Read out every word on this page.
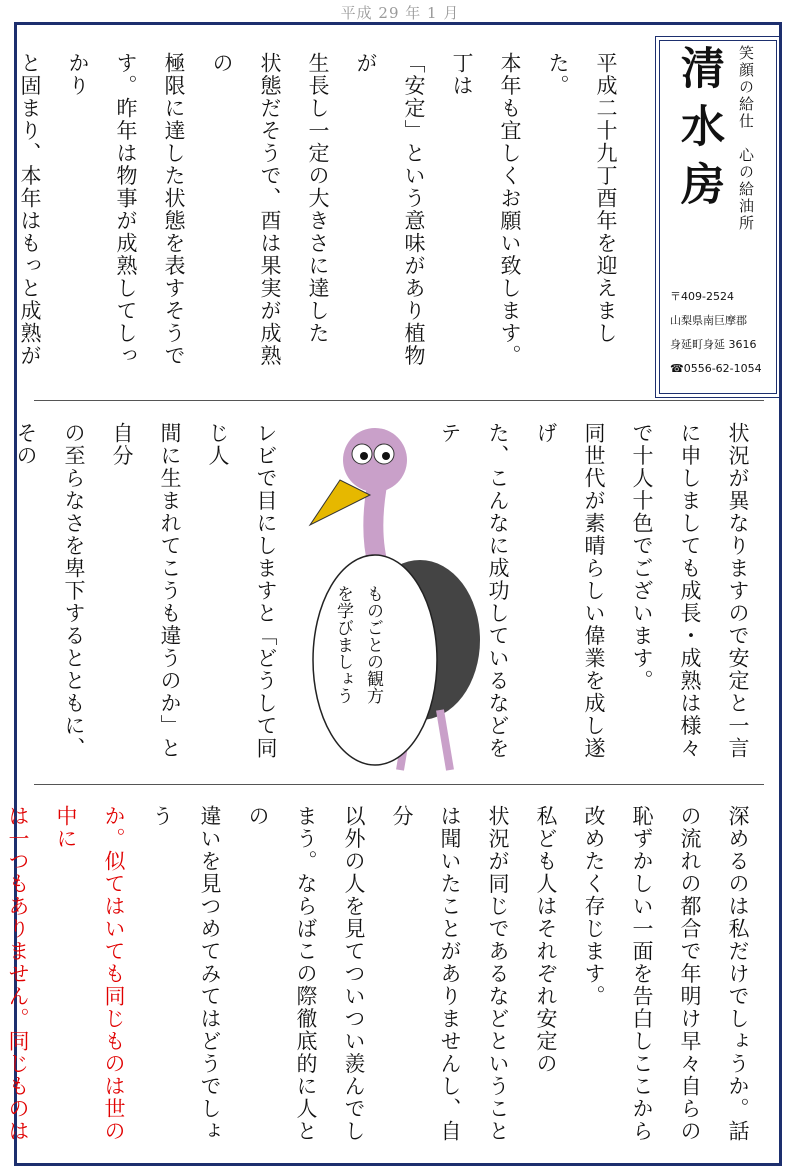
平成 29 年 1 月
清水房 笑顔の給仕　心の給油所
〒409-2524
山梨県南巨摩郡
身延町身延 3616
☎0556-62-1054
平成二十九丁酉年を迎えました。
本年も宜しくお願い致します。丁は
「安定」という意味があり植物が
生長し一定の大きさに達した
状態だそうで、酉は果実が成熟の
極限に達した状態を表すそうで
す。昨年は物事が成熟してしっかり
と固まり、本年はもっと成熟が
状況が異なりますので安定と一言
に申しましても成長・成熟は様々
で十人十色でございます。
同世代が素晴らしい偉業を成し遂げ
た、こんなに成功しているなどをテ
ものごとの観方
を学びましょう
レビで目にしますと「どうして同じ人
間に生まれてこうも違うのか」と自分
の至らなさを卑下するとともに、その
深めるのは私だけでしょうか。話
の流れの都合で年明け早々自らの
恥ずかしい一面を告白しここから
改めたく存じます。
私ども人はそれぞれ安定の
状況が同じであるなどということ
は聞いたことがありませんし、自分
以外の人を見てついつい羨んでし
まう。ならばこの際徹底的に人との
違いを見つめてみてはどうでしょう
か。似てはいても同じものは世の中に
は一つもありません。同じものは
